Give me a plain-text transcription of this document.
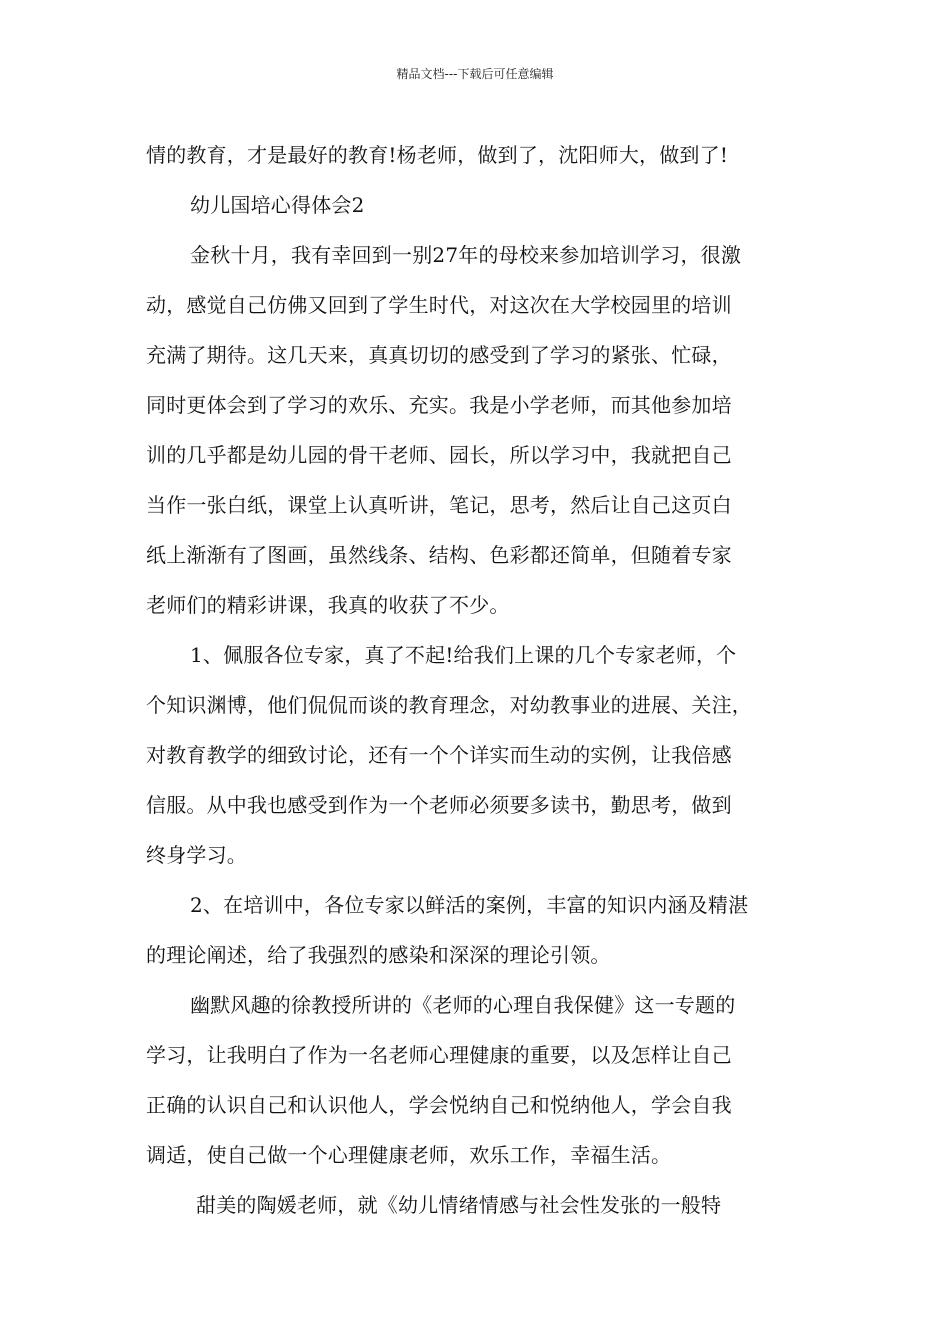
精品文档---下载后可任意编辑
情的教育，才是最好的教育!杨老师，做到了，沈阳师大，做到了!
幼儿国培心得体会2
金秋十月，我有幸回到一别27年的母校来参加培训学习，很激
动，感觉自己仿佛又回到了学生时代，对这次在大学校园里的培训
充满了期待。这几天来，真真切切的感受到了学习的紧张、忙碌，
同时更体会到了学习的欢乐、充实。我是小学老师，而其他参加培
训的几乎都是幼儿园的骨干老师、园长，所以学习中，我就把自己
当作一张白纸，课堂上认真听讲，笔记，思考，然后让自己这页白
纸上渐渐有了图画，虽然线条、结构、色彩都还简单，但随着专家
老师们的精彩讲课，我真的收获了不少。
1、佩服各位专家，真了不起!给我们上课的几个专家老师，个
个知识渊博，他们侃侃而谈的教育理念，对幼教事业的进展、关注，
对教育教学的细致讨论，还有一个个详实而生动的实例，让我倍感
信服。从中我也感受到作为一个老师必须要多读书，勤思考，做到
终身学习。
2、在培训中，各位专家以鲜活的案例，丰富的知识内涵及精湛
的理论阐述，给了我强烈的感染和深深的理论引领。
幽默风趣的徐教授所讲的《老师的心理自我保健》这一专题的
学习，让我明白了作为一名老师心理健康的重要，以及怎样让自己
正确的认识自己和认识他人，学会悦纳自己和悦纳他人，学会自我
调适，使自己做一个心理健康老师，欢乐工作，幸福生活。
甜美的陶媛老师，就《幼儿情绪情感与社会性发张的一般特
